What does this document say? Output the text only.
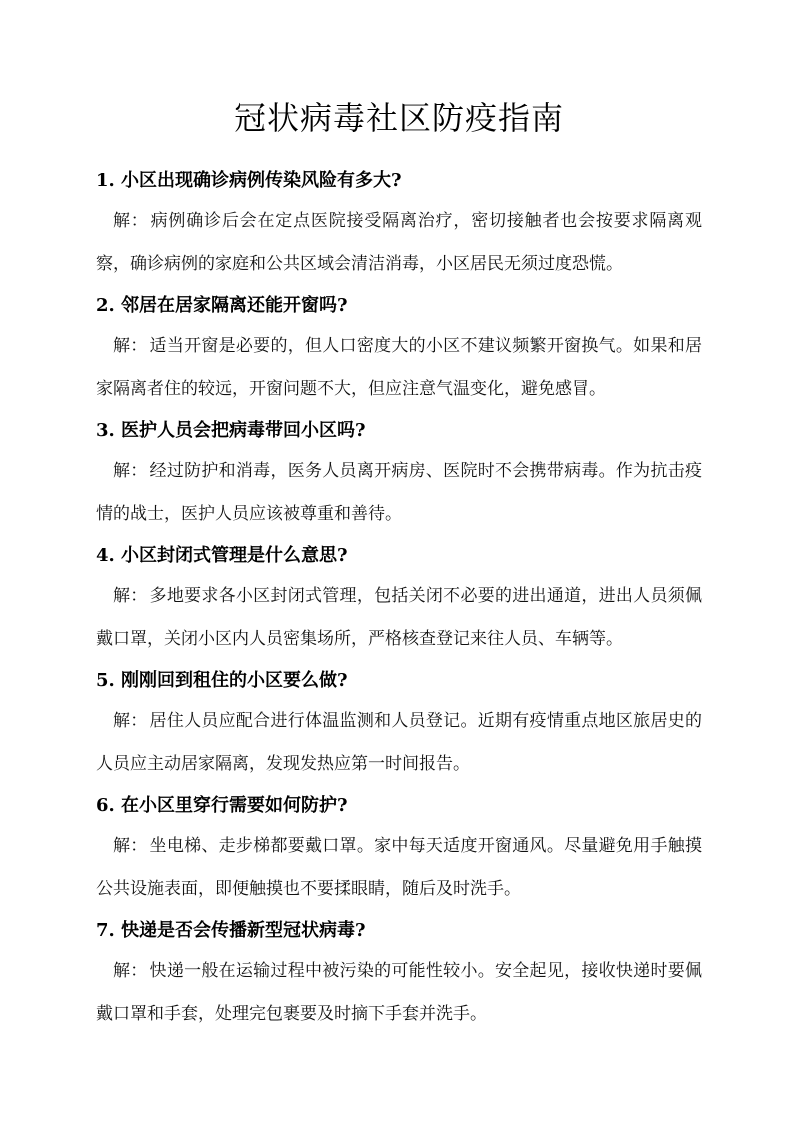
冠状病毒社区防疫指南

1. 小区出现确诊病例传染风险有多大?

解： 病例确诊后会在定点医院接受隔离治疗，密切接触者也会按要求隔离观察，确诊病例的家庭和公共区域会清洁消毒，小区居民无须过度恐慌。

2. 邻居在居家隔离还能开窗吗?

解： 适当开窗是必要的，但人口密度大的小区不建议频繁开窗换气。如果和居家隔离者住的较远，开窗问题不大，但应注意气温变化，避免感冒。

3. 医护人员会把病毒带回小区吗?

解： 经过防护和消毒，医务人员离开病房、医院时不会携带病毒。作为抗击疫情的战士，医护人员应该被尊重和善待。

4. 小区封闭式管理是什么意思?

解： 多地要求各小区封闭式管理，包括关闭不必要的进出通道，进出人员须佩戴口罩，关闭小区内人员密集场所，严格核查登记来往人员、车辆等。

5. 刚刚回到租住的小区要么做?

解： 居住人员应配合进行体温监测和人员登记。近期有疫情重点地区旅居史的人员应主动居家隔离，发现发热应第一时间报告。

6. 在小区里穿行需要如何防护?

解： 坐电梯、走步梯都要戴口罩。家中每天适度开窗通风。尽量避免用手触摸公共设施表面，即便触摸也不要揉眼睛，随后及时洗手。

7. 快递是否会传播新型冠状病毒?

解： 快递一般在运输过程中被污染的可能性较小。安全起见，接收快递时要佩戴口罩和手套，处理完包裹要及时摘下手套并洗手。
